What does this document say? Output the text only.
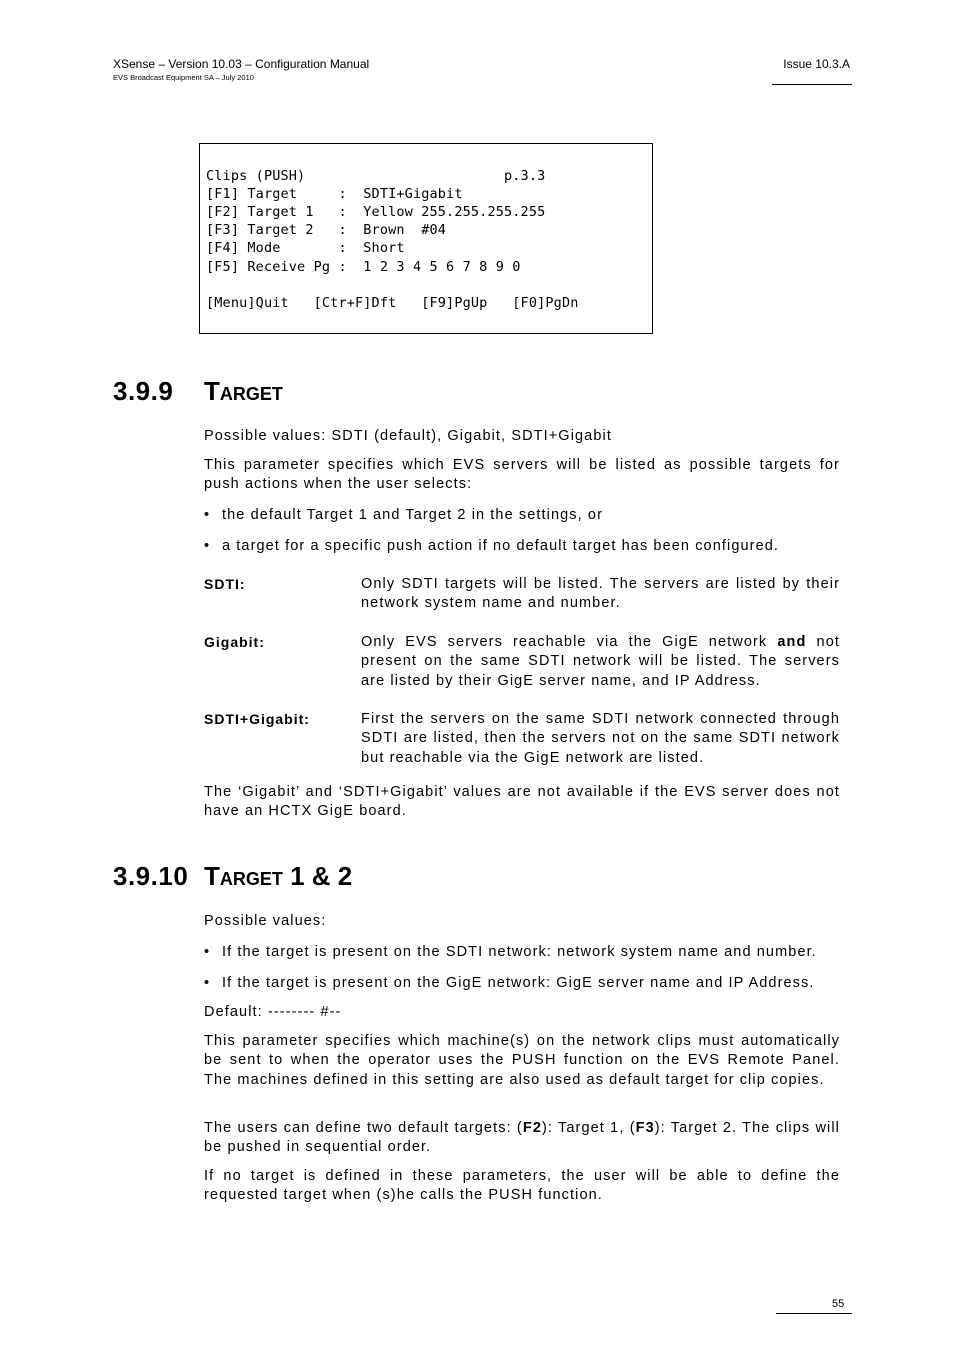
XSense – Version 10.03 – Configuration Manual
EVS Broadcast Equipment SA – July 2010
Issue 10.3.A
Clips (PUSH)                        p.3.3
[F1] Target     :  SDTI+Gigabit
[F2] Target 1   :  Yellow 255.255.255.255
[F3] Target 2   :  Brown  #04
[F4] Mode       :  Short
[F5] Receive Pg :  1 2 3 4 5 6 7 8 9 0
[Menu]Quit   [Ctr+F]Dft   [F9]PgUp   [F0]PgDn
3.9.9 Target
Possible values: SDTI (default), Gigabit, SDTI+Gigabit
This parameter specifies which EVS servers will be listed as possible targets for push actions when the user selects:
• the default Target 1 and Target 2 in the settings, or
• a target for a specific push action if no default target has been configured.
SDTI:	Only SDTI targets will be listed. The servers are listed by their network system name and number.
Gigabit:	Only EVS servers reachable via the GigE network and not present on the same SDTI network will be listed. The servers are listed by their GigE server name, and IP Address.
SDTI+Gigabit:	First the servers on the same SDTI network connected through SDTI are listed, then the servers not on the same SDTI network but reachable via the GigE network are listed.
The ‘Gigabit’ and ‘SDTI+Gigabit’ values are not available if the EVS server does not have an HCTX GigE board.
3.9.10 Target 1 & 2
Possible values:
• If the target is present on the SDTI network: network system name and number.
• If the target is present on the GigE network: GigE server name and IP Address.
Default: -------- #--
This parameter specifies which machine(s) on the network clips must automatically be sent to when the operator uses the PUSH function on the EVS Remote Panel. The machines defined in this setting are also used as default target for clip copies.
The users can define two default targets: (F2): Target 1, (F3): Target 2. The clips will be pushed in sequential order.
If no target is defined in these parameters, the user will be able to define the requested target when (s)he calls the PUSH function.
55
